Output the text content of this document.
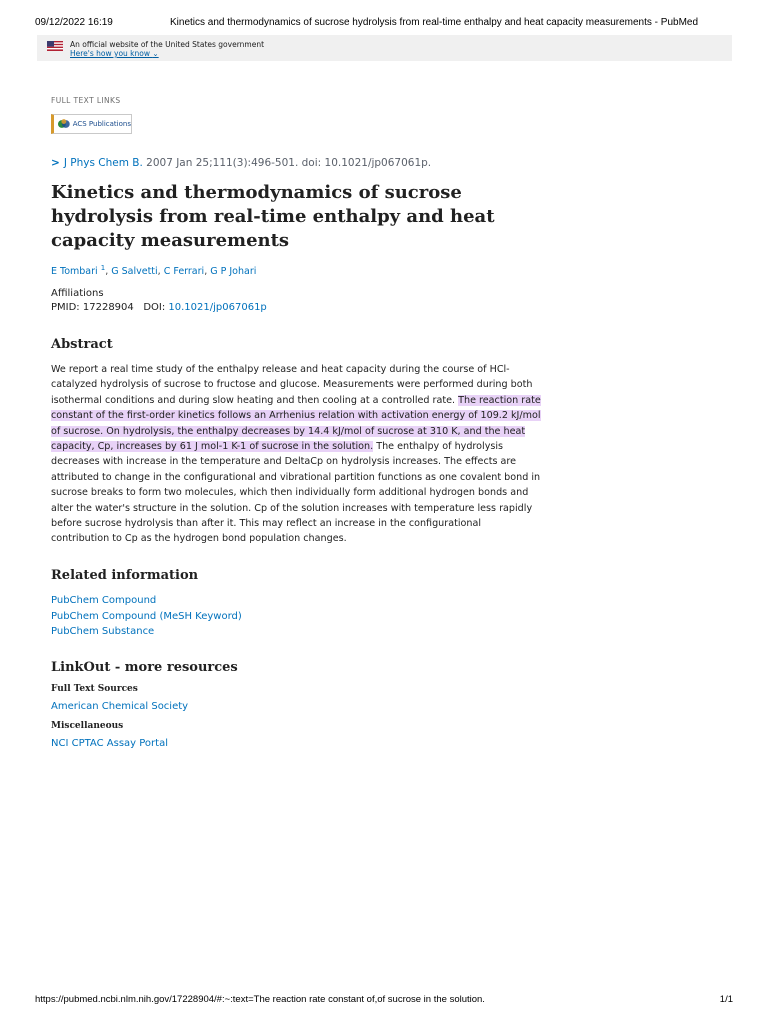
09/12/2022 16:19	Kinetics and thermodynamics of sucrose hydrolysis from real-time enthalpy and heat capacity measurements - PubMed
An official website of the United States government
Here's how you know ⌄
FULL TEXT LINKS
ACS Publications
> J Phys Chem B. 2007 Jan 25;111(3):496-501. doi: 10.1021/jp067061p.
Kinetics and thermodynamics of sucrose hydrolysis from real-time enthalpy and heat capacity measurements
E Tombari $^1$, G Salvetti, C Ferrari, G P Johari
Affiliations
PMID: 17228904 DOI: 10.1021/jp067061p
Abstract

We report a real time study of the enthalpy release and heat capacity during the course of HCl-catalyzed hydrolysis of sucrose to fructose and glucose. Measurements were performed during both isothermal conditions and during slow heating and then cooling at a controlled rate. The reaction rate constant of the first-order kinetics follows an Arrhenius relation with activation energy of 109.2 kJ/mol of sucrose. On hydrolysis, the enthalpy decreases by 14.4 kJ/mol of sucrose at 310 K, and the heat capacity, Cp, increases by 61 J mol-1 K-1 of sucrose in the solution. The enthalpy of hydrolysis decreases with increase in the temperature and DeltaCp on hydrolysis increases. The effects are attributed to change in the configurational and vibrational partition functions as one covalent bond in sucrose breaks to form two molecules, which then individually form additional hydrogen bonds and alter the water's structure in the solution. Cp of the solution increases with temperature less rapidly before sucrose hydrolysis than after it. This may reflect an increase in the configurational contribution to Cp as the hydrogen bond population changes.

Related information
PubChem Compound
PubChem Compound (MeSH Keyword)
PubChem Substance
LinkOut - more resources
Full Text Sources
American Chemical Society
Miscellaneous
NCI CPTAC Assay Portal
https://pubmed.ncbi.nlm.nih.gov/17228904/#:~:text=The reaction rate constant of,of sucrose in the solution.	1/1
